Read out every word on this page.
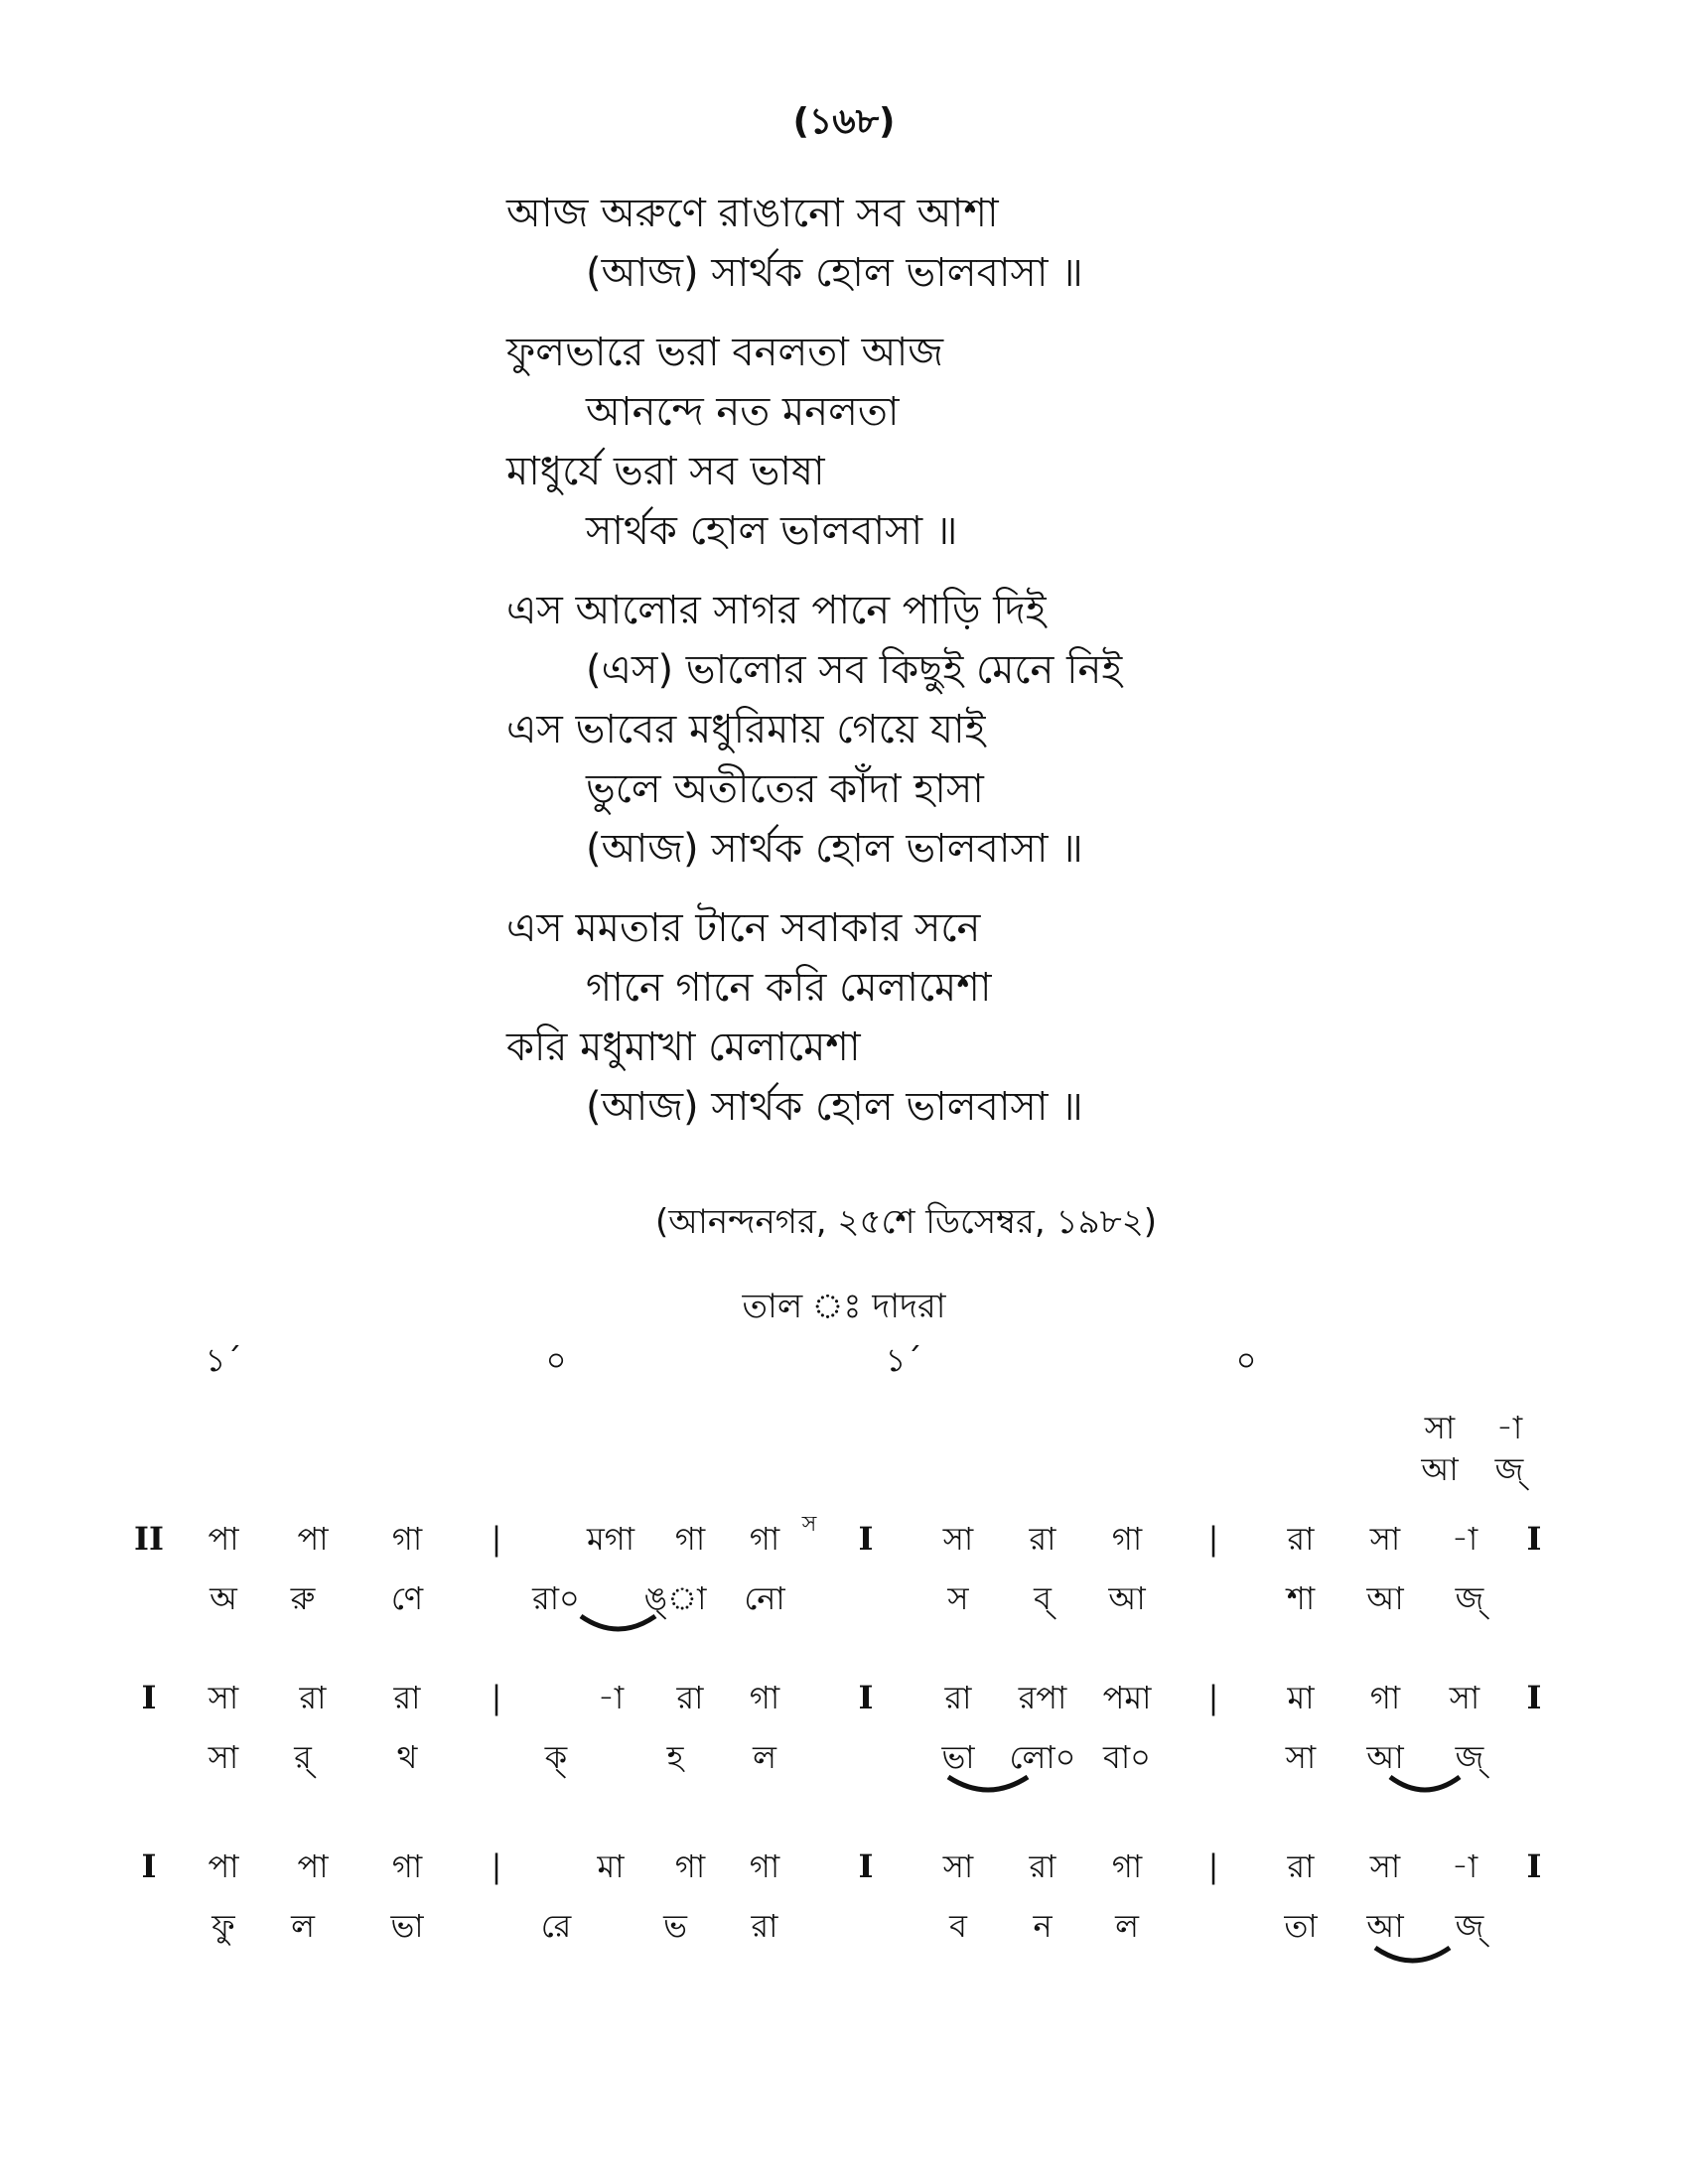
(১৬৮)
আজ অরুণে রাঙানো সব আশা
(আজ) সার্থক হোল ভালবাসা ॥
ফুলভারে ভরা বনলতা আজ
আনন্দে নত মনলতা
মাধুর্যে ভরা সব ভাষা
সার্থক হোল ভালবাসা ॥
এস আলোর সাগর পানে পাড়ি দিই
(এস) ভালোর সব কিছুই মেনে নিই
এস ভাবের মধুরিমায় গেয়ে যাই
ভুলে অতীতের কাঁদা হাসা
(আজ) সার্থক হোল ভালবাসা ॥
এস মমতার টানে সবাকার সনে
গানে গানে করি মেলামেশা
করি মধুমাখা মেলামেশা
(আজ) সার্থক হোল ভালবাসা ॥
(আনন্দনগর, ২৫শে ডিসেম্বর, ১৯৮২)
তাল ঃ দাদরা
১´	০	১´	০
সা -া
আ জ্
II পা পা গা |	মগা গা গা I সা রা গা | রা সা -া I
স
অ রু ণে	রা০ ঙ্া নো	স ব্ আ	শা আ জ্
I সা রা রা |	-া রা গা I রা রপা পমা | মা গা সা I
সা র্	থ	ক্	হ ল	ভা লো০ বা০	সা আ জ্
I পা পা গা |	মা গা গা I সা রা গা | রা সা -া I
ফু ল ভা	রে	ভ রা	ব ন ল	তা আ জ্
